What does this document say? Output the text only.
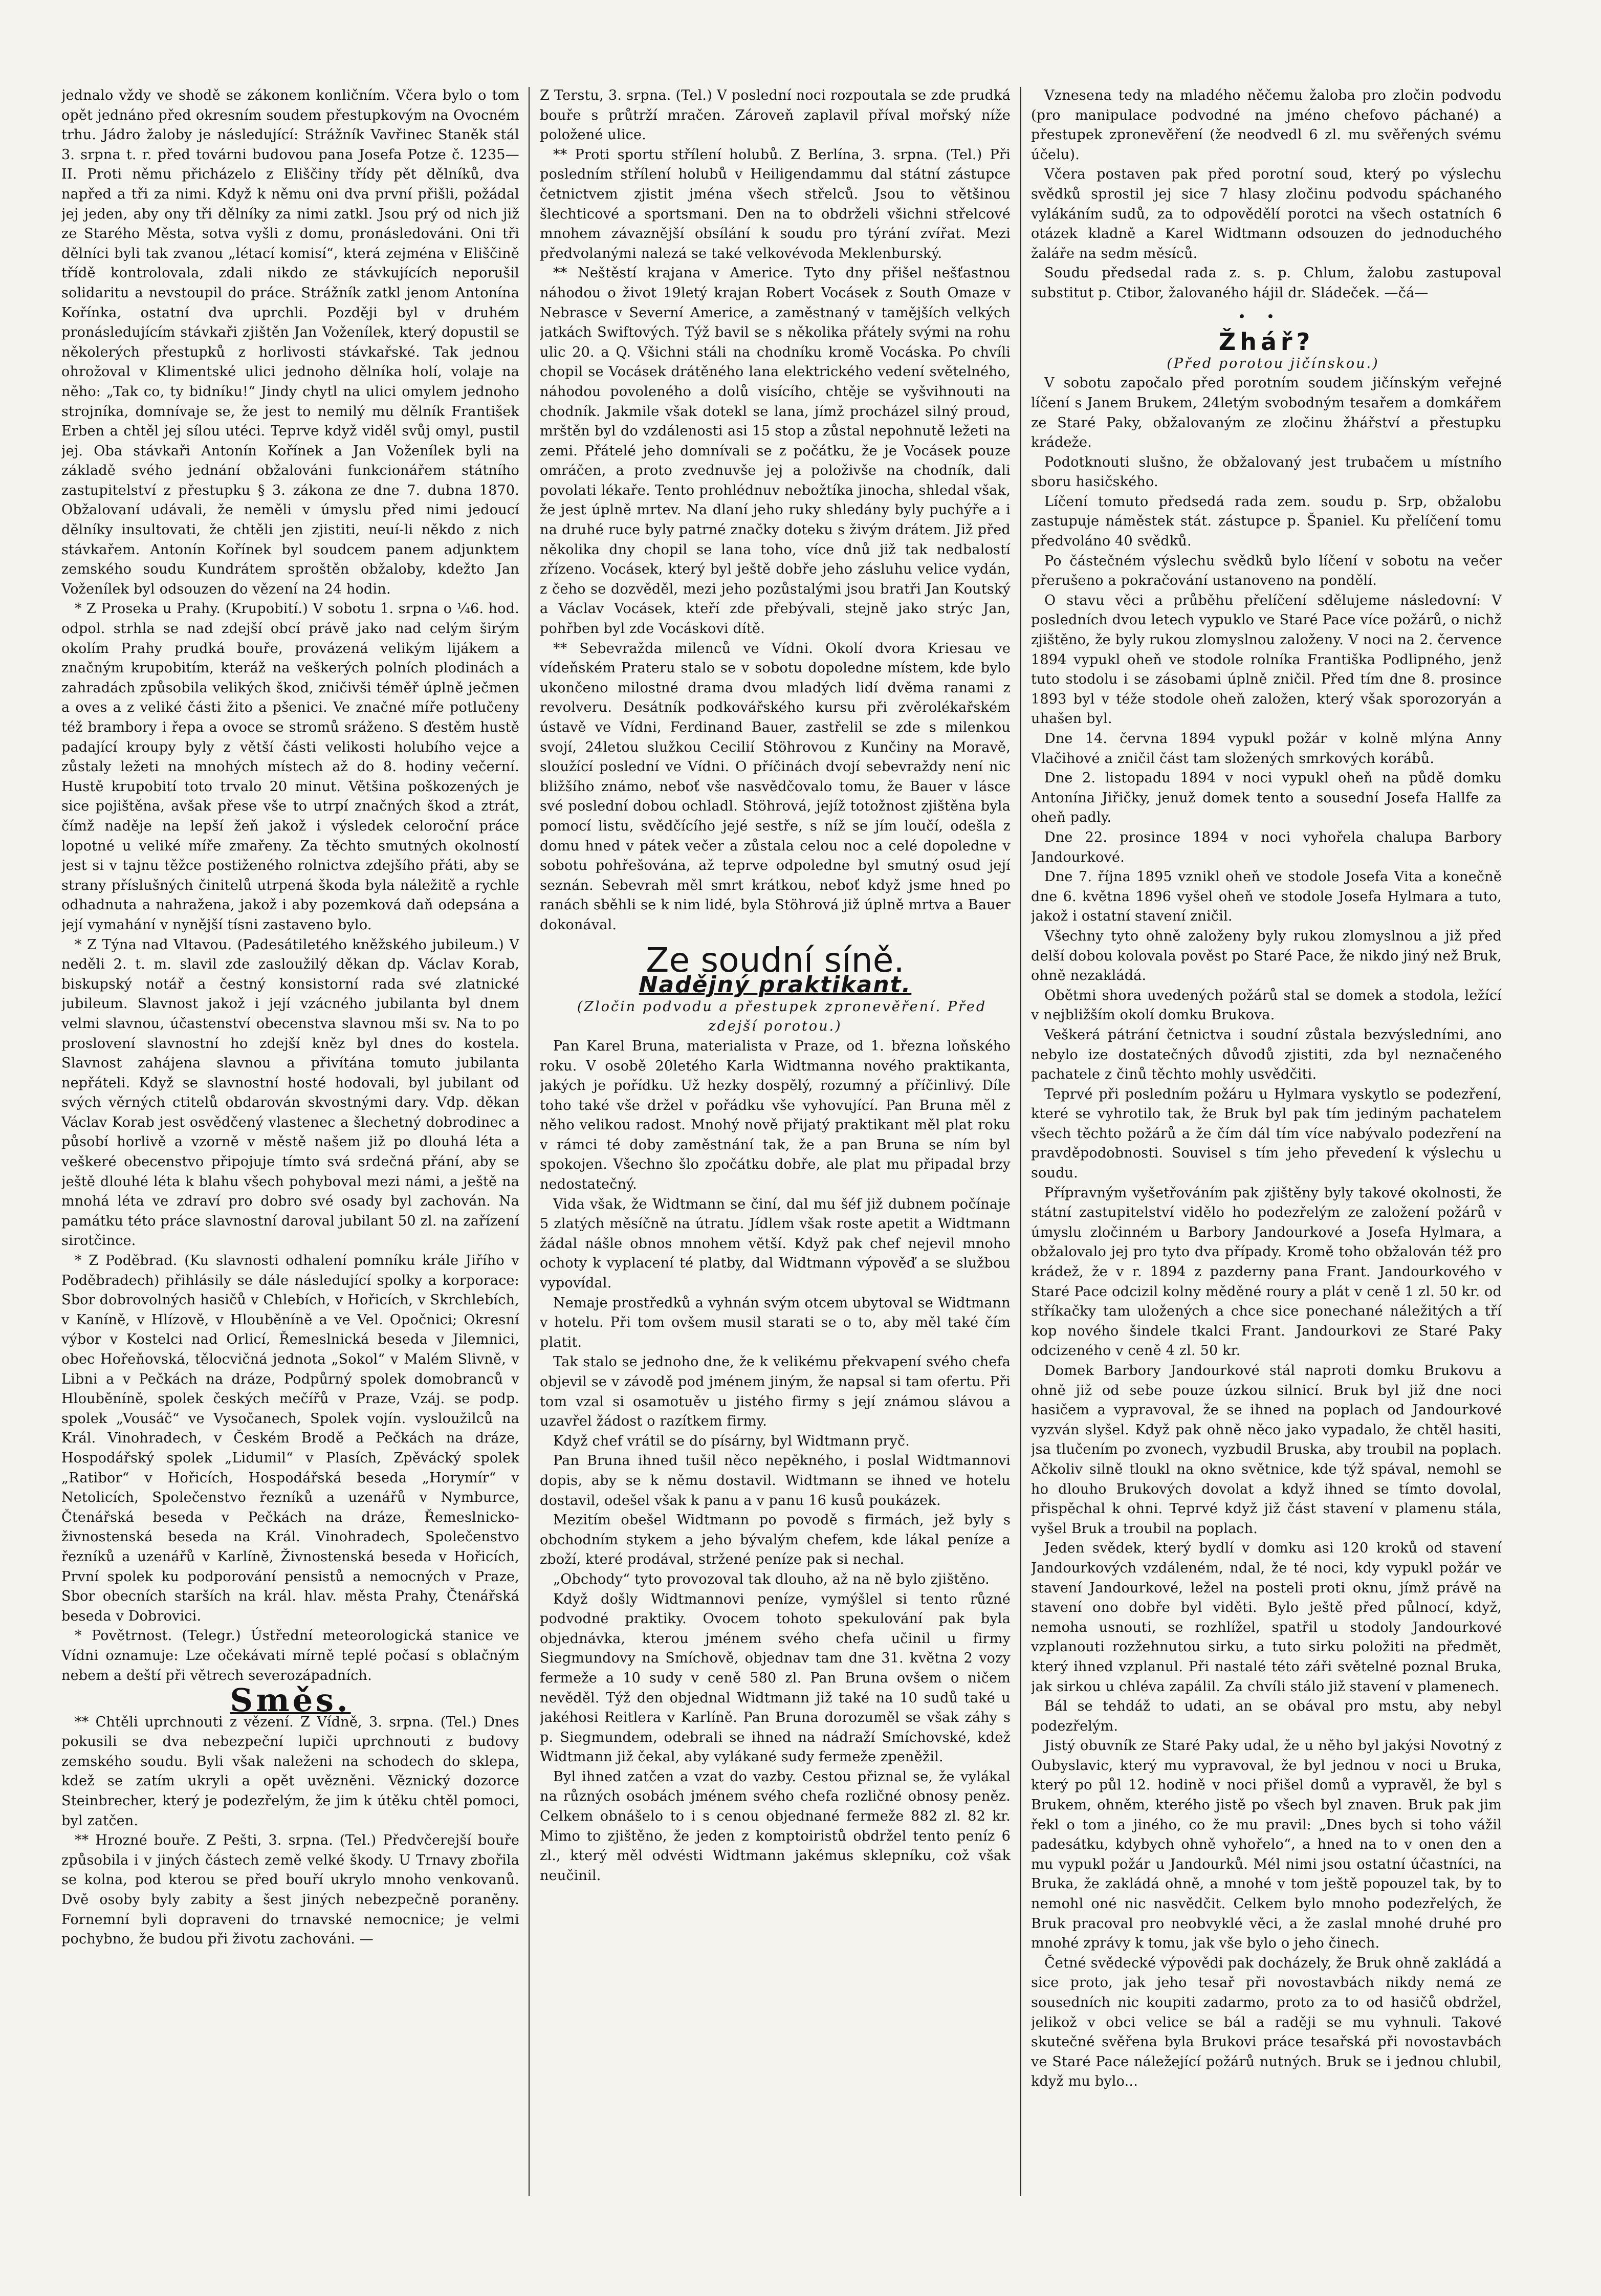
jednalo vždy ve shodě se zákonem konličním. Včera bylo o tom opět jednáno před okresním soudem přestupkovým na Ovocném trhu. Jádro žaloby je následující: Strážník Vavřinec Staněk stál 3. srpna t. r. před továrni budovou pana Josefa Potze č. 1235—II. Proti němu přicházelo z Eliščiny třídy pět dělníků, dva napřed a tři za nimi. Když k němu oni dva první přišli, požádal jej jeden, aby ony tři dělníky za nimi zatkl. Jsou prý od nich již ze Starého Města, sotva vyšli z domu, pronásledováni. Oni tři dělníci byli tak zvanou „létací komisí“, která zejména v Eliščině třídě kontrolovala, zdali nikdo ze stávkujících neporušil solidaritu a nevstoupil do práce. Strážník zatkl jenom Antonína Kořínka, ostatní dva uprchli. Později byl v druhém pronásledujícím stávkaři zjištěn Jan Voženílek, který dopustil se několerých přestupků z horlivosti stávkařské. Tak jednou ohrožoval v Klimentské ulici jednoho dělníka holí, volaje na něho: „Tak co, ty bidníku!“ Jindy chytl na ulici omylem jednoho strojníka, domnívaje se, že jest to nemilý mu dělník František Erben a chtěl jej sílou utéci. Teprve když viděl svůj omyl, pustil jej. Oba stávkaři Antonín Kořínek a Jan Voženílek byli na základě svého jednání obžalováni funkcionářem státního zastupitelství z přestupku § 3. zákona ze dne 7. dubna 1870. Obžalovaní udávali, že neměli v úmyslu před nimi jedoucí dělníky insultovati, že chtěli jen zjistiti, neuí-li někdo z nich stávkařem. Antonín Kořínek byl soudcem panem adjunktem zemského soudu Kundrátem sproštěn obžaloby, kdežto Jan Voženílek byl odsouzen do vězení na 24 hodin.

* Z Proseka u Prahy. (Krupobití.) V sobotu 1. srpna o ¼6. hod. odpol. strhla se nad zdejší obcí právě jako nad celým širým okolím Prahy prudká bouře, provázená velikým lijákem a značným krupobitím, kteráž na veškerých polních plodinách a zahradách způsobila velikých škod, zničivši téměř úplně ječmen a oves a z veliké části žito a pšenici. Ve značné míře potlučeny též brambory i řepa a ovoce se stromů sráženo. S ďestěm hustě padající kroupy byly z větší části velikosti holubího vejce a zůstaly ležeti na mnohých místech až do 8. hodiny večerní. Hustě krupobití toto trvalo 20 minut. Většina poškozených je sice pojištěna, avšak přese vše to utrpí značných škod a ztrát, čímž naděje na lepší žeň jakož i výsledek celoroční práce lopotné u veliké míře zmařeny. Za těchto smutných okolností jest si v tajnu těžce postiženého rolnictva zdejšího přáti, aby se strany příslušných činitelů utrpená škoda byla náležitě a rychle odhadnuta a nahražena, jakož i aby pozemková daň odepsána a její vymahání v nynější tísni zastaveno bylo.

* Z Týna nad Vltavou. (Padesátiletého kněžského jubileum.) V neděli 2. t. m. slavil zde zasloužilý děkan dp. Václav Korab, biskupský notář a čestný konsistorní rada své zlatnické jubileum. Slavnost jakož i její vzácného jubilanta byl dnem velmi slavnou, účastenství obecenstva slavnou mši sv. Na to po proslovení slavnostní ho zdejší kněz byl dnes do kostela. Slavnost zahájena slavnou a přivítána tomuto jubilanta nepřáteli. Když se slavnostní hosté hodovali, byl jubilant od svých věrných ctitelů obdarován skvostnými dary. Vdp. děkan Václav Korab jest osvědčený vlastenec a šlechetný dobrodinec a působí horlivě a vzorně v městě našem již po dlouhá léta a veškeré obecenstvo připojuje tímto svá srdečná přání, aby se ještě dlouhé léta k blahu všech pohyboval mezi námi, a ještě na mnohá léta ve zdraví pro dobro své osady byl zachován. Na památku této práce slavnostní daroval jubilant 50 zl. na zařízení sirotčince.

* Z Poděbrad. (Ku slavnosti odhalení pomníku krále Jiřího v Poděbradech) přihlásily se dále následující spolky a korporace: Sbor dobrovolných hasičů v Chlebích, v Hořicích, v Skrchlebích, v Kaníně, v Hlízově, v Hlouběníně a ve Vel. Opočnici; Okresní výbor v Kostelci nad Orlicí, Řemeslnická beseda v Jilemnici, obec Hořeňovská, tělocvičná jednota „Sokol“ v Malém Slivně, v Libni a v Pečkách na dráze, Podpůrný spolek domobranců v Hlouběníně, spolek českých mečířů v Praze, Vzáj. se podp. spolek „Vousáč“ ve Vysočanech, Spolek vojín. vysloužilců na Král. Vinohradech, v Českém Brodě a Pečkách na dráze, Hospodářský spolek „Lidumil“ v Plasích, Zpěvácký spolek „Ratibor“ v Hořicích, Hospodářská beseda „Horymír“ v Netolicích, Společenstvo řezníků a uzenářů v Nymburce, Čtenářská beseda v Pečkách na dráze, Řemeslnicko-živnostenská beseda na Král. Vinohradech, Společenstvo řezníků a uzenářů v Karlíně, Živnostenská beseda v Hořicích, První spolek ku podporování pensistů a nemocných v Praze, Sbor obecních starších na král. hlav. města Prahy, Čtenářská beseda v Dobrovici.

* Povětrnost. (Telegr.) Ústřední meteorologická stanice ve Vídni oznamuje: Lze očekávati mírně teplé počasí s oblačným nebem a deští při větrech severozápadních.

Směs.

** Chtěli uprchnouti z vězení. Z Vídně, 3. srpna. (Tel.) Dnes pokusili se dva nebezpeční lupiči uprchnouti z budovy zemského soudu. Byli však naleženi na schodech do sklepa, kdež se zatím ukryli a opět uvězněni. Věznický dozorce Steinbrecher, který je podezřelým, že jim k útěku chtěl pomoci, byl zatčen.

** Hrozné bouře. Z Pešti, 3. srpna. (Tel.) Předvčerejší bouře způsobila i v jiných částech země velké škody. U Trnavy zbořila se kolna, pod kterou se před bouří ukrylo mnoho venkovanů. Dvě osoby byly zabity a šest jiných nebezpečně poraněny. Fornemní byli dopraveni do trnavské nemocnice; je velmi pochybno, že budou při životu zachováni. —

Z Terstu, 3. srpna. (Tel.) V poslední noci rozpoutala se zde prudká bouře s průtrží mračen. Zároveň zaplavil příval mořský níže položené ulice.

** Proti sportu střílení holubů. Z Berlína, 3. srpna. (Tel.) Při posledním střílení holubů v Heiligendammu dal státní zástupce četnictvem zjistit jména všech střelců. Jsou to většinou šlechticové a sportsmani. Den na to obdrželi všichni střelcové mnohem závaznější obsílání k soudu pro týrání zvířat. Mezi předvolanými nalezá se také velkovévoda Meklenburský.

** Neštěstí krajana v Americe. Tyto dny přišel nešťastnou náhodou o život 19letý krajan Robert Vocásek z South Omaze v Nebrasce v Severní Americe, a zaměstnaný v tamějších velkých jatkách Swiftových. Týž bavil se s několika přátely svými na rohu ulic 20. a Q. Všichni stáli na chodníku kromě Vocáska. Po chvíli chopil se Vocásek drátěného lana elektrického vedení světelného, náhodou povoleného a dolů visícího, chtěje se vyšvihnouti na chodník. Jakmile však dotekl se lana, jímž procházel silný proud, mrštěn byl do vzdálenosti asi 15 stop a zůstal nepohnutě ležeti na zemi. Přátelé jeho domnívali se z počátku, že je Vocásek pouze omráčen, a proto zvednuvše jej a položivše na chodník, dali povolati lékaře. Tento prohlédnuv nebožtíka jinocha, shledal však, že jest úplně mrtev. Na dlaní jeho ruky shledány byly puchýře a i na druhé ruce byly patrné značky doteku s živým drátem. Již před několika dny chopil se lana toho, více dnů již tak nedbalostí zřízeno. Vocásek, který byl ještě dobře jeho zásluhu velice vydán, z čeho se dozvěděl, mezi jeho pozůstalými jsou bratři Jan Koutský a Václav Vocásek, kteří zde přebývali, stejně jako strýc Jan, pohřben byl zde Vocáskovi dítě.

** Sebevražda milenců ve Vídni. Okolí dvora Kriesau ve vídeňském Prateru stalo se v sobotu dopoledne místem, kde bylo ukončeno milostné drama dvou mladých lidí dvěma ranami z revolveru. Desátník podkovářského kursu při zvěrolékařském ústavě ve Vídni, Ferdinand Bauer, zastřelil se zde s milenkou svojí, 24letou služkou Cecilií Stöhrovou z Kunčiny na Moravě, sloužící poslední ve Vídni. O příčinách dvojí sebevraždy není nic bližšího známo, neboť vše nasvědčovalo tomu, že Bauer v lásce své poslední dobou ochladl. Stöhrová, jejíž totožnost zjištěna byla pomocí listu, svědčícího jejé sestře, s níž se jím loučí, odešla z domu hned v pátek večer a zůstala celou noc a celé dopoledne v sobotu pohřešována, až teprve odpoledne byl smutný osud její seznán. Sebevrah měl smrt krátkou, neboť když jsme hned po ranách sběhli se k nim lidé, byla Stöhrová již úplně mrtva a Bauer dokonával.

Ze soudní síně.
Nadějný praktikant.

(Zločin podvodu a přestupek zpronevěření. Před zdejší porotou.)

Pan Karel Bruna, materialista v Praze, od 1. března loňského roku. V osobě 20letého Karla Widtmanna nového praktikanta, jakých je pořídku. Už hezky dospělý, rozumný a příčinlivý. Díle toho také vše držel v pořádku vše vyhovující. Pan Bruna měl z něho velikou radost. Mnohý nově přijatý praktikant měl plat roku v rámci té doby zaměstnání tak, že a pan Bruna se ním byl spokojen. Všechno šlo zpočátku dobře, ale plat mu připadal brzy nedostatečný.

Vida však, že Widtmann se činí, dal mu šéf již dubnem počínaje 5 zlatých měsíčně na útratu. Jídlem však roste apetit a Widtmann žádal nášle obnos mnohem větší. Když pak chef nejevil mnoho ochoty k vyplacení té platby, dal Widtmann výpověď a se službou vypovídal.

Nemaje prostředků a vyhnán svým otcem ubytoval se Widtmann v hotelu. Při tom ovšem musil starati se o to, aby měl také čím platit.

Tak stalo se jednoho dne, že k velikému překvapení svého chefa objevil se v závodě pod jménem jiným, že napsal si tam ofertu. Při tom vzal si osamotuěv u jistého firmy s její známou slávou a uzavřel žádost o razítkem firmy.

Když chef vrátil se do písárny, byl Widtmann pryč.

Pan Bruna ihned tušil něco nepěkného, i poslal Widtmannovi dopis, aby se k němu dostavil. Widtmann se ihned ve hotelu dostavil, odešel však k panu a v panu 16 kusů poukázek.

Mezitím obešel Widtmann po povodě s firmách, jež byly s obchodním stykem a jeho bývalým chefem, kde lákal peníze a zboží, které prodával, stržené peníze pak si nechal.

„Obchody“ tyto provozoval tak dlouho, až na ně bylo zjištěno.

Když došly Widtmannovi peníze, vymýšlel si tento různé podvodné praktiky. Ovocem tohoto spekulování pak byla objednávka, kterou jménem svého chefa učinil u firmy Siegmundovy na Smíchově, objednav tam dne 31. května 2 vozy fermeže a 10 sudy v ceně 580 zl. Pan Bruna ovšem o ničem nevěděl. Týž den objednal Widtmann již také na 10 sudů také u jakéhosi Reitlera v Karlíně. Pan Bruna dorozuměl se však záhy s p. Siegmundem, odebrali se ihned na nádraží Smíchovské, kdež Widtmann již čekal, aby vylákané sudy fermeže zpeněžil.

Byl ihned zatčen a vzat do vazby. Cestou přiznal se, že vylákal na různých osobách jménem svého chefa rozličné obnosy peněz. Celkem obnášelo to i s cenou objednané fermeže 882 zl. 82 kr. Mimo to zjištěno, že jeden z komptoiristů obdržel tento peníz 6 zl., který měl odvésti Widtmann jakémus sklepníku, což však neučinil.

Vznesena tedy na mladého něčemu žaloba pro zločin podvodu (pro manipulace podvodné na jméno chefovo páchané) a přestupek zpronevěření (že neodvedl 6 zl. mu svěřených svému účelu).

Včera postaven pak před porotní soud, který po výslechu svědků sprostil jej sice 7 hlasy zločinu podvodu spáchaného vylákáním sudů, za to odpovědělí porotci na všech ostatních 6 otázek kladně a Karel Widtmann odsouzen do jednoduchého žaláře na sedm měsíců.

Soudu předsedal rada z. s. p. Chlum, žalobu zastupoval substitut p. Ctibor, žalovaného hájil dr. Sládeček. —čá—

••
Žhář?

(Před porotou jičínskou.)

V sobotu započalo před porotním soudem jičínským veřejné líčení s Janem Brukem, 24letým svobodným tesařem a domkářem ze Staré Paky, obžalovaným ze zločinu žhářství a přestupku krádeže.

Podotknouti slušno, že obžalovaný jest trubačem u místního sboru hasičského.

Líčení tomuto předsedá rada zem. soudu p. Srp, obžalobu zastupuje náměstek stát. zástupce p. Španiel. Ku přelíčení tomu předvoláno 40 svědků.

Po částečném výslechu svědků bylo líčení v sobotu na večer přerušeno a pokračování ustanoveno na pondělí.

O stavu věci a průběhu přelíčení sdělujeme následovní: V posledních dvou letech vypuklo ve Staré Pace více požárů, o nichž zjištěno, že byly rukou zlomyslnou založeny. V noci na 2. července 1894 vypukl oheň ve stodole rolníka Františka Podlipného, jenž tuto stodolu i se zásobami úplně zničil. Před tím dne 8. prosince 1893 byl v téže stodole oheň založen, který však sporozoryán a uhašen byl.

Dne 14. června 1894 vypukl požár v kolně mlýna Anny Vlačihové a zničil část tam složených smrkových korábů.

Dne 2. listopadu 1894 v noci vypukl oheň na půdě domku Antonína Jiřičky, jenuž domek tento a sousední Josefa Hallfe za oheň padly.

Dne 22. prosince 1894 v noci vyhořela chalupa Barbory Jandourkové.

Dne 7. října 1895 vznikl oheň ve stodole Josefa Vita a konečně dne 6. května 1896 vyšel oheň ve stodole Josefa Hylmara a tuto, jakož i ostatní stavení zničil.

Všechny tyto ohně založeny byly rukou zlomyslnou a již před delší dobou kolovala pověst po Staré Pace, že nikdo jiný než Bruk, ohně nezakládá.

Obětmi shora uvedených požárů stal se domek a stodola, ležící v nejbližším okolí domku Brukova.

Veškerá pátrání četnictva i soudní zůstala bezvýsledními, ano nebylo ize dostatečných důvodů zjistiti, zda byl neznačeného pachatele z činů těchto mohly usvědčiti.

Teprvé při posledním požáru u Hylmara vyskytlo se podezření, které se vyhrotilo tak, že Bruk byl pak tím jediným pachatelem všech těchto požárů a že čím dál tím více nabývalo podezření na pravděpodobnosti. Souvisel s tím jeho převedení k výslechu u soudu.

Přípravným vyšetřováním pak zjištěny byly takové okolnosti, že státní zastupitelství vidělo ho podezřelým ze založení požárů v úmyslu zločinném u Barbory Jandourkové a Josefa Hylmara, a obžalovalo jej pro tyto dva případy. Kromě toho obžalován též pro krádež, že v r. 1894 z pazderny pana Frant. Jandourkového v Staré Pace odcizil kolny měděné roury a plát v ceně 1 zl. 50 kr. od stříkačky tam uložených a chce sice ponechané náležitých a tří kop nového šindele tkalci Frant. Jandourkovi ze Staré Paky odcizeného v ceně 4 zl. 50 kr.

Domek Barbory Jandourkové stál naproti domku Brukovu a ohně již od sebe pouze úzkou silnicí. Bruk byl již dne noci hasičem a vypravoval, že se ihned na poplach od Jandourkové vyzván slyšel. Když pak ohně něco jako vypadalo, že chtěl hasiti, jsa tlučením po zvonech, vyzbudil Bruska, aby troubil na poplach. Ačkoliv silně tloukl na okno světnice, kde týž spával, nemohl se ho dlouho Brukových dovolat a když ihned se tímto dovolal, přispěchal k ohni. Teprvé když již část stavení v plamenu stála, vyšel Bruk a troubil na poplach.

Jeden svědek, který bydlí v domku asi 120 kroků od stavení Jandourkových vzdáleném, ndal, že té noci, kdy vypukl požár ve stavení Jandourkové, ležel na posteli proti oknu, jímž právě na stavení ono dobře byl viděti. Bylo ještě před půlnocí, když, nemoha usnouti, se rozhlížel, spatřil u stodoly Jandourkové vzplanouti rozžehnutou sirku, a tuto sirku položiti na předmět, který ihned vzplanul. Při nastalé této záři světelné poznal Bruka, jak sirkou u chléva zapálil. Za chvíli stálo již stavení v plamenech.

Bál se tehdáž to udati, an se obával pro mstu, aby nebyl podezřelým.

Jistý obuvník ze Staré Paky udal, že u něho byl jakýsi Novotný z Oubyslavic, který mu vypravoval, že byl jednou v noci u Bruka, který po půl 12. hodině v noci přišel domů a vypravěl, že byl s Brukem, ohněm, kterého jistě po všech byl znaven. Bruk pak jim řekl o tom a jiného, co že mu pravil: „Dnes bych si toho vážil padesátku, kdybych ohně vyhořelo“, a hned na to v onen den a mu vypukl požár u Jandourků. Mél nimi jsou ostatní účastníci, na Bruka, že zakládá ohně, a mnohé v tom ještě popouzel tak, by to nemohl oné nic nasvědčit. Celkem bylo mnoho podezřelých, že Bruk pracoval pro neobvyklé věci, a že zaslal mnohé druhé pro mnohé zprávy k tomu, jak vše bylo o jeho činech.

Četné svědecké výpovědi pak docházely, že Bruk ohně zakládá a sice proto, jak jeho tesař při novostavbách nikdy nemá ze sousedních nic koupiti zadarmo, proto za to od hasičů obdržel, jelikož v obci velice se bál a raději se mu vyhnuli. Takové skutečné svěřena byla Brukovi práce tesařská při novostavbách ve Staré Pace náležející požárů nutných. Bruk se i jednou chlubil, když mu bylo...
